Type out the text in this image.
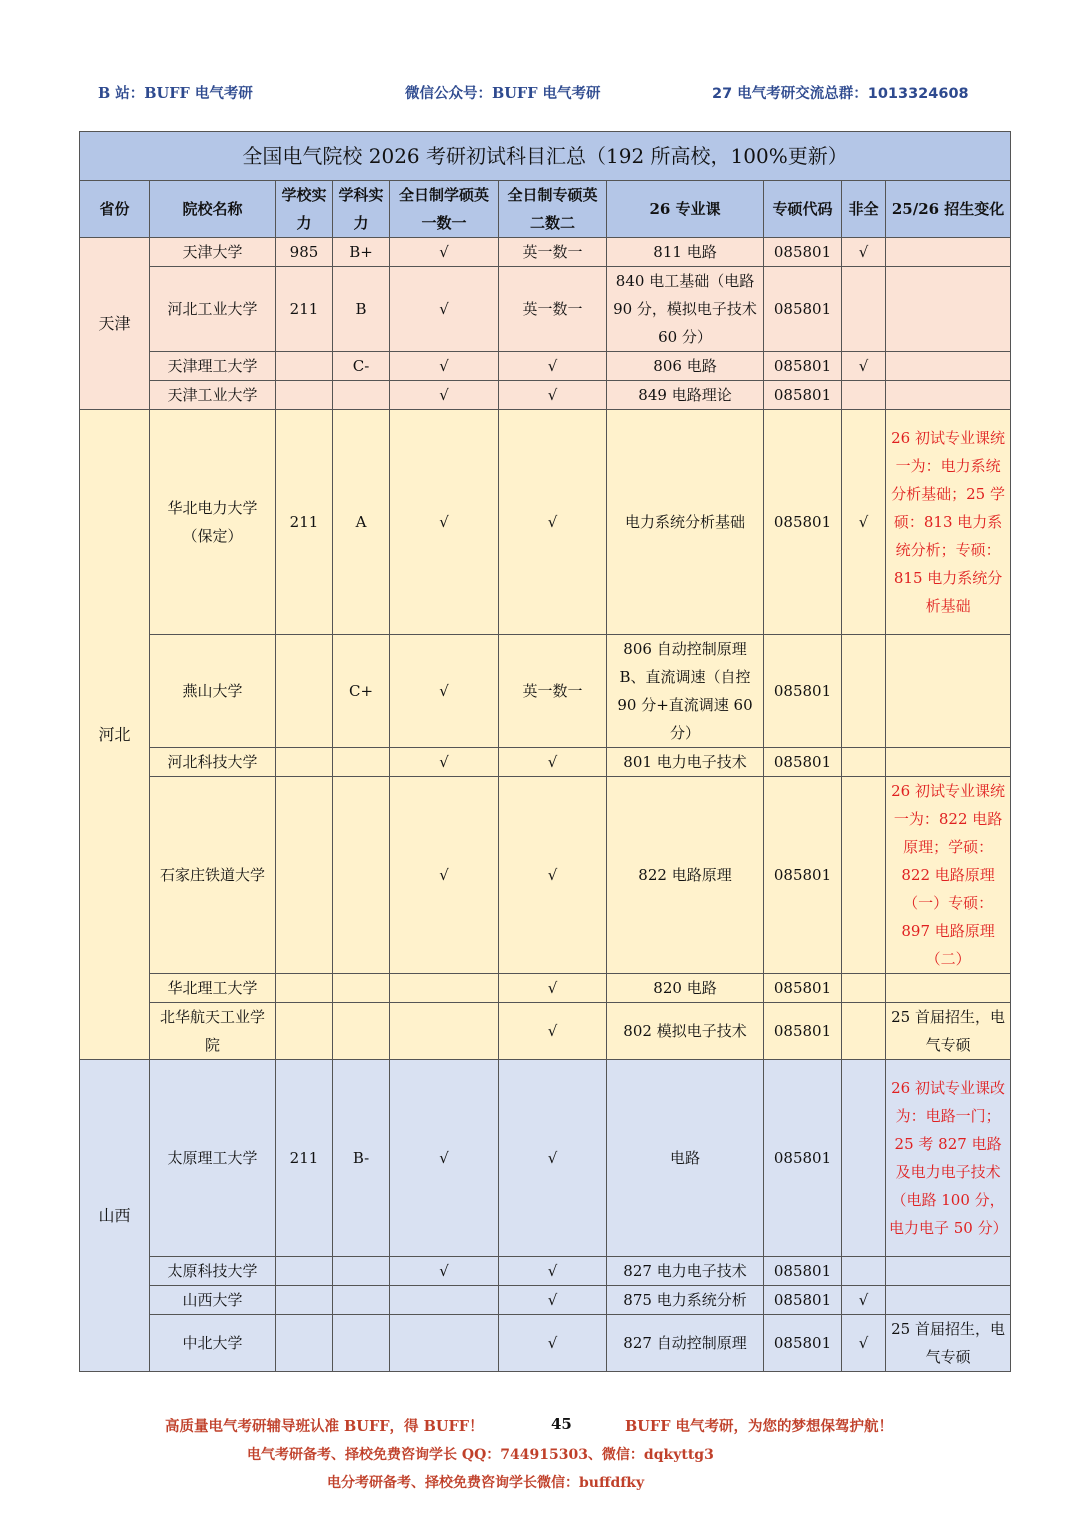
B 站：BUFF 电气考研	微信公众号：BUFF 电气考研	27 电气考研交流总群：1013324608
全国电气院校 2026 考研初试科目汇总（192 所高校，100%更新）									
省份	院校名称	学校实力	学科实力	全日制学硕英一数一	全日制专硕英二数二	26 专业课	专硕代码	非全	25/26 招生变化
天津	天津大学	985	B+	√	英一数一	811 电路	085801	√	
	河北工业大学	211	B	√	英一数一	840 电工基础（电路 90 分，模拟电子技术 60 分）	085801		
	天津理工大学		C-	√	√	806 电路	085801	√	
	天津工业大学			√	√	849 电路理论	085801		
河北	华北电力大学（保定）	211	A	√	√	电力系统分析基础	085801	√	26 初试专业课统一为：电力系统分析基础；25 学硕：813 电力系统分析；专硕：815 电力系统分析基础
	燕山大学		C+	√	英一数一	806 自动控制原理 B、直流调速（自控 90 分+直流调速 60 分）	085801		
	河北科技大学			√	√	801 电力电子技术	085801		
	石家庄铁道大学			√	√	822 电路原理	085801		26 初试专业课统一为：822 电路原理；学硕：822 电路原理（一）专硕：897 电路原理（二）
	华北理工大学				√	820 电路	085801		
	北华航天工业学院				√	802 模拟电子技术	085801		25 首届招生，电气专硕
山西	太原理工大学	211	B-	√	√	电路	085801		26 初试专业课改为：电路一门；25 考 827 电路及电力电子技术（电路 100 分，电力电子 50 分）
	太原科技大学			√	√	827 电力电子技术	085801		
	山西大学				√	875 电力系统分析	085801	√	
	中北大学				√	827 自动控制原理	085801	√	25 首届招生，电气专硕
高质量电气考研辅导班认准 BUFF，得 BUFF！	45	BUFF 电气考研，为您的梦想保驾护航！
电气考研备考、择校免费咨询学长 QQ：744915303、微信：dqkyttg3
电分考研备考、择校免费咨询学长微信：buffdfky
